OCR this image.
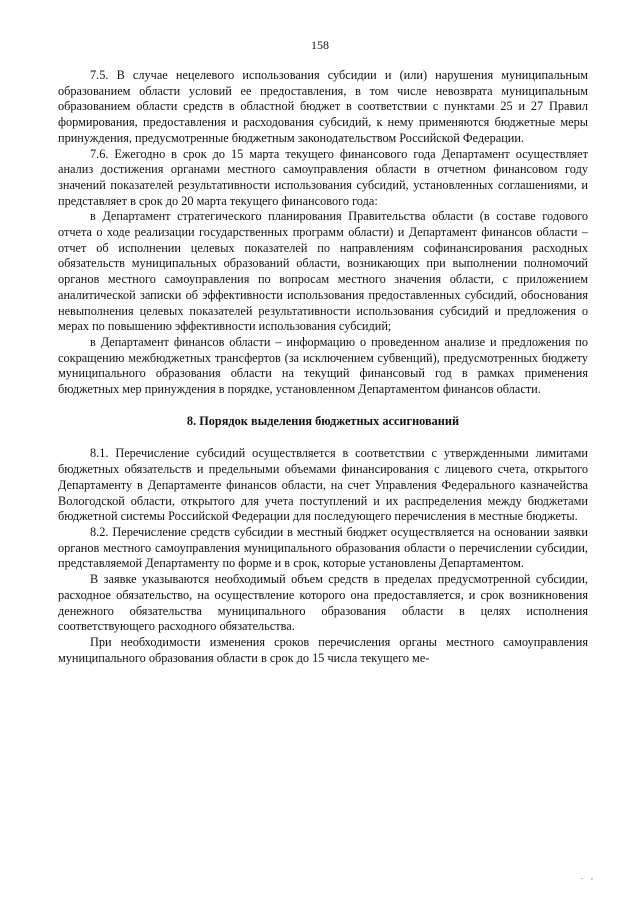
158

7.5. В случае нецелевого использования субсидии и (или) нарушения муниципальным образованием области условий ее предоставления, в том числе невозврата муниципальным образованием области средств в областной бюджет в соответствии с пунктами 25 и 27 Правил формирования, предоставления и расходования субсидий, к нему применяются бюджетные меры принуждения, предусмотренные бюджетным законодательством Российской Федерации.

7.6. Ежегодно в срок до 15 марта текущего финансового года Департамент осуществляет анализ достижения органами местного самоуправления области в отчетном финансовом году значений показателей результативности использования субсидий, установленных соглашениями, и представляет в срок до 20 марта текущего финансового года:

в Департамент стратегического планирования Правительства области (в составе годового отчета о ходе реализации государственных программ области) и Департамент финансов области – отчет об исполнении целевых показателей по направлениям софинансирования расходных обязательств муниципальных образований области, возникающих при выполнении полномочий органов местного самоуправления по вопросам местного значения области, с приложением аналитической записки об эффективности использования предоставленных субсидий, обоснования невыполнения целевых показателей результативности использования субсидий и предложения о мерах по повышению эффективности использования субсидий;

в Департамент финансов области – информацию о проведенном анализе и предложения по сокращению межбюджетных трансфертов (за исключением субвенций), предусмотренных бюджету муниципального образования области на текущий финансовый год в рамках применения бюджетных мер принуждения в порядке, установленном Департаментом финансов области.

8. Порядок выделения бюджетных ассигнований

8.1. Перечисление субсидий осуществляется в соответствии с утвержденными лимитами бюджетных обязательств и предельными объемами финансирования с лицевого счета, открытого Департаменту в Департаменте финансов области, на счет Управления Федерального казначейства Вологодской области, открытого для учета поступлений и их распределения между бюджетами бюджетной системы Российской Федерации для последующего перечисления в местные бюджеты.

8.2. Перечисление средств субсидии в местный бюджет осуществляется на основании заявки органов местного самоуправления муниципального образования области о перечислении субсидии, представляемой Департаменту по форме и в срок, которые установлены Департаментом.

В заявке указываются необходимый объем средств в пределах предусмотренной субсидии, расходное обязательство, на осуществление которого она предоставляется, и срок возникновения денежного обязательства муниципального образования области в целях исполнения соответствующего расходного обязательства.

При необходимости изменения сроков перечисления органы местного самоуправления муниципального образования области в срок до 15 числа текущего ме-

. ,
